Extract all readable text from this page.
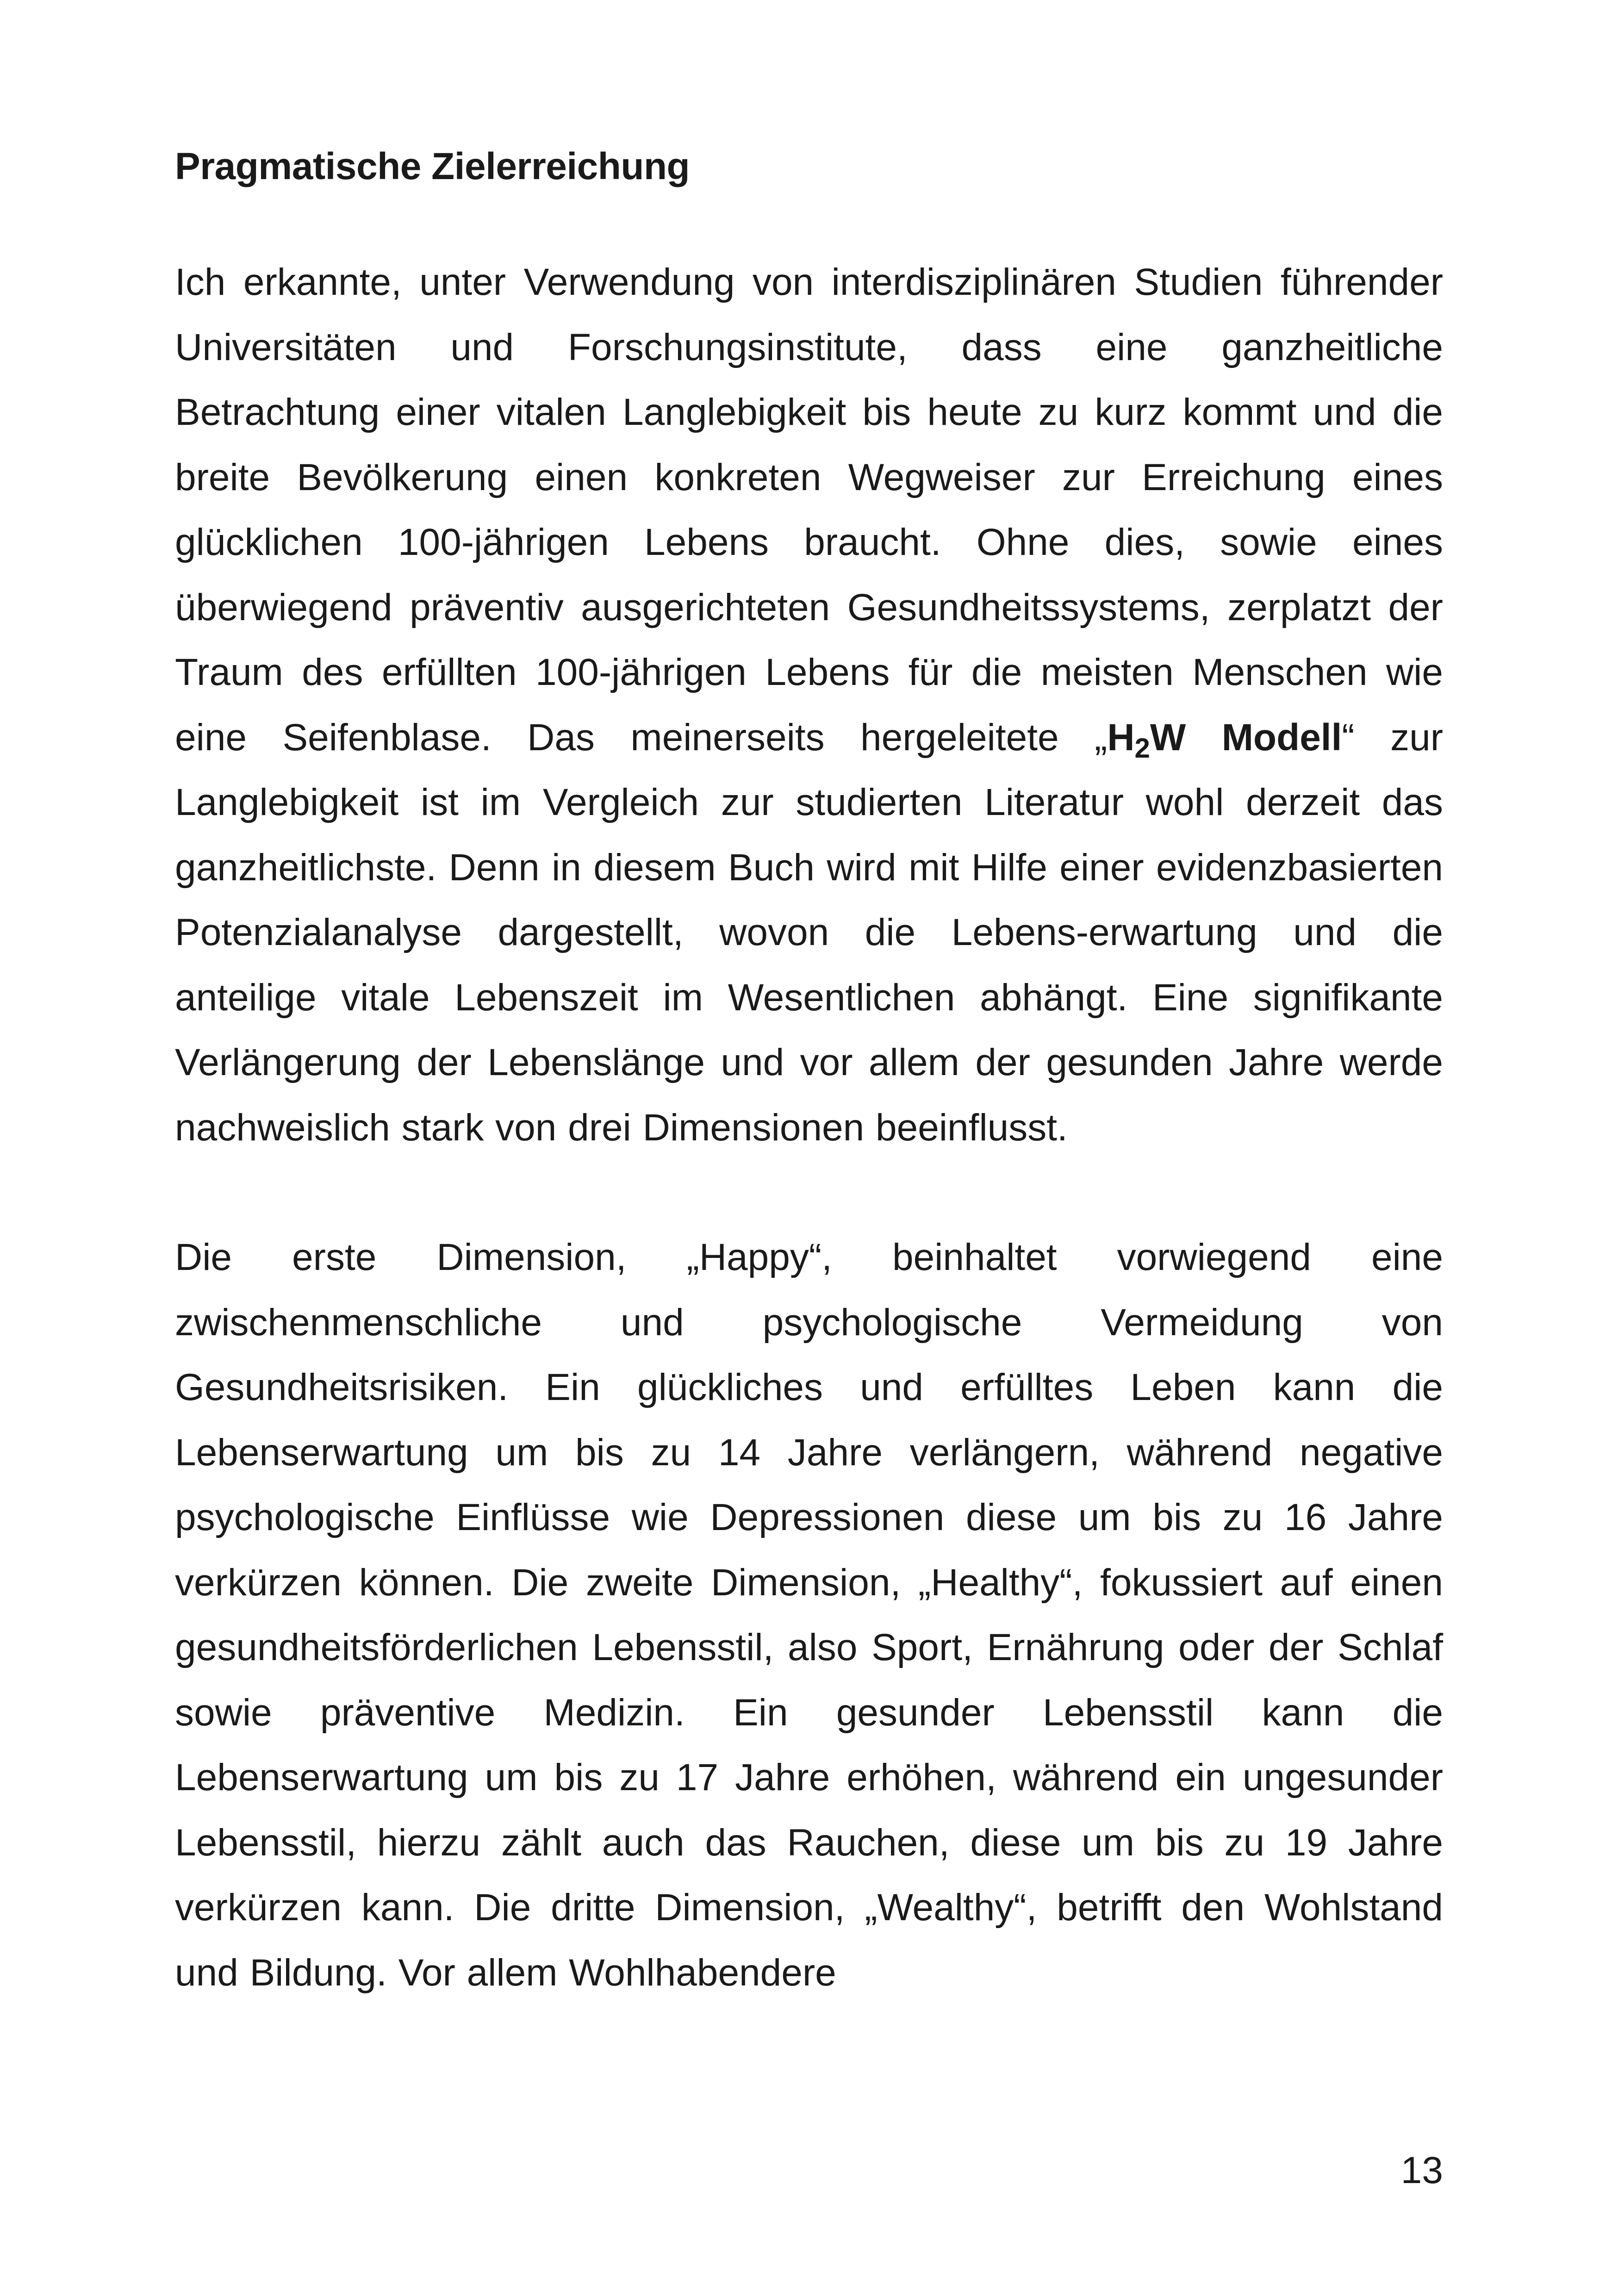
Pragmatische Zielerreichung

Ich erkannte, unter Verwendung von interdisziplinären Studien führender Universitäten und Forschungsinstitute, dass eine ganzheitliche Betrachtung einer vitalen Langlebigkeit bis heute zu kurz kommt und die breite Bevölkerung einen konkreten Wegweiser zur Erreichung eines glücklichen 100-jährigen Lebens braucht. Ohne dies, sowie eines überwiegend präventiv ausgerichteten Gesundheitssystems, zerplatzt der Traum des erfüllten 100-jährigen Lebens für die meisten Menschen wie eine Seifenblase. Das meinerseits hergeleitete $„H_2W$ Modell“ zur Langlebigkeit ist im Vergleich zur studierten Literatur wohl derzeit das ganzheitlichste. Denn in diesem Buch wird mit Hilfe einer evidenzbasierten Potenzialanalyse dargestellt, wovon die Lebens-erwartung und die anteilige vitale Lebenszeit im Wesentlichen abhängt. Eine signifikante Verlängerung der Lebenslänge und vor allem der gesunden Jahre werde nachweislich stark von drei Dimensionen beeinflusst.

Die erste Dimension, „Happy“, beinhaltet vorwiegend eine zwischenmenschliche und psychologische Vermeidung von Gesundheitsrisiken. Ein glückliches und erfülltes Leben kann die Lebenserwartung um bis zu 14 Jahre verlängern, während negative psychologische Einflüsse wie Depressionen diese um bis zu 16 Jahre verkürzen können. Die zweite Dimension, „Healthy“, fokussiert auf einen gesundheitsförderlichen Lebensstil, also Sport, Ernährung oder der Schlaf sowie präventive Medizin. Ein gesunder Lebensstil kann die Lebenserwartung um bis zu 17 Jahre erhöhen, während ein ungesunder Lebensstil, hierzu zählt auch das Rauchen, diese um bis zu 19 Jahre verkürzen kann. Die dritte Dimension, „Wealthy“, betrifft den Wohlstand und Bildung. Vor allem Wohlhabendere

13
